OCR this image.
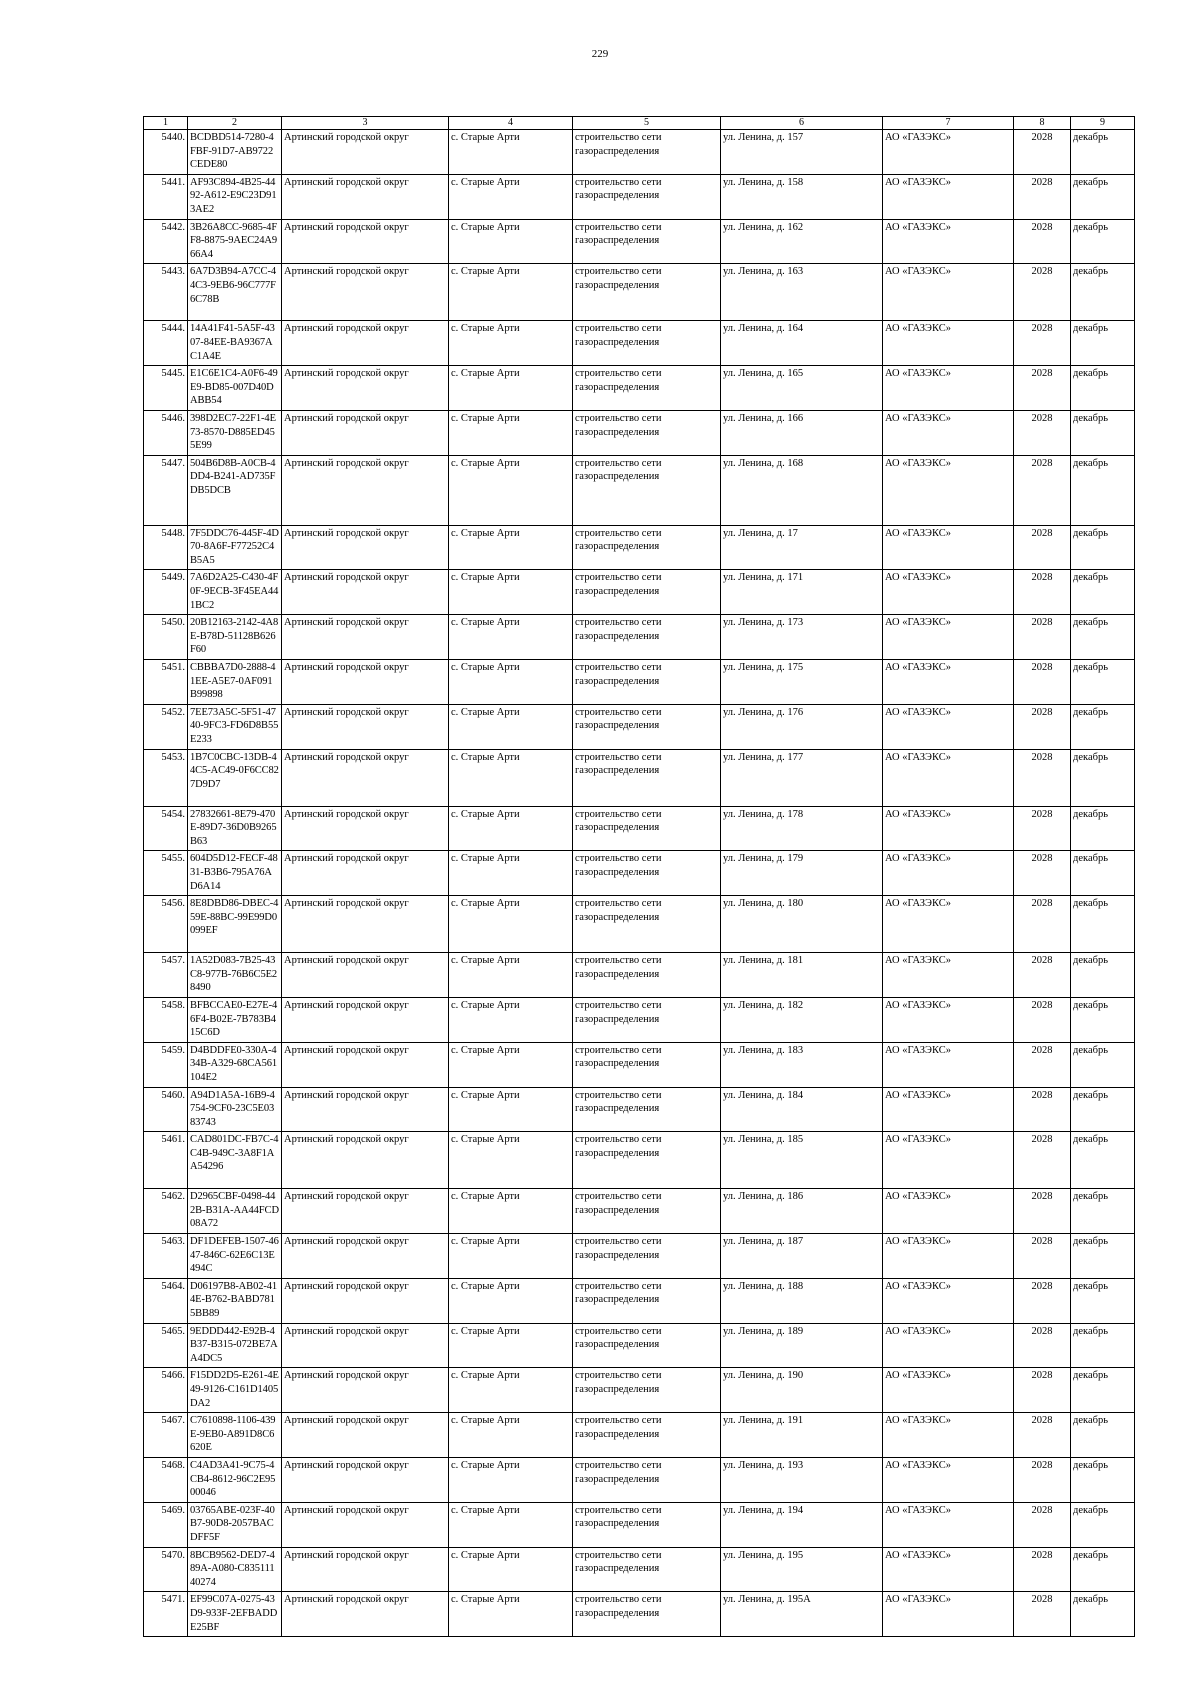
229
1	2	3	4	5	6	7	8	9
5440.	BCDBD514-7280-4FBF-91D7-AB9722CEDE80	Артинский городской округ	с. Старые Арти	строительство сети газораспределения	ул. Ленина, д. 157	АО «ГАЗЭКС»	2028	декабрь
5441.	AF93C894-4B25-4492-A612-E9C23D913AE2	Артинский городской округ	с. Старые Арти	строительство сети газораспределения	ул. Ленина, д. 158	АО «ГАЗЭКС»	2028	декабрь
5442.	3B26A8CC-9685-4FF8-8875-9AEC24A966A4	Артинский городской округ	с. Старые Арти	строительство сети газораспределения	ул. Ленина, д. 162	АО «ГАЗЭКС»	2028	декабрь
5443.	6A7D3B94-A7CC-44C3-9EB6-96C777F6C78B	Артинский городской округ	с. Старые Арти	строительство сети газораспределения	ул. Ленина, д. 163	АО «ГАЗЭКС»	2028	декабрь
5444.	14A41F41-5A5F-4307-84EE-BA9367AC1A4E	Артинский городской округ	с. Старые Арти	строительство сети газораспределения	ул. Ленина, д. 164	АО «ГАЗЭКС»	2028	декабрь
5445.	E1C6E1C4-A0F6-49E9-BD85-007D40DABB54	Артинский городской округ	с. Старые Арти	строительство сети газораспределения	ул. Ленина, д. 165	АО «ГАЗЭКС»	2028	декабрь
5446.	398D2EC7-22F1-4E73-8570-D885ED455E99	Артинский городской округ	с. Старые Арти	строительство сети газораспределения	ул. Ленина, д. 166	АО «ГАЗЭКС»	2028	декабрь
5447.	504B6D8B-A0CB-4DD4-B241-AD735FDB5DCB	Артинский городской округ	с. Старые Арти	строительство сети газораспределения	ул. Ленина, д. 168	АО «ГАЗЭКС»	2028	декабрь
5448.	7F5DDC76-445F-4D70-8A6F-F77252C4B5A5	Артинский городской округ	с. Старые Арти	строительство сети газораспределения	ул. Ленина, д. 17	АО «ГАЗЭКС»	2028	декабрь
5449.	7A6D2A25-C430-4F0F-9ECB-3F45EA441BC2	Артинский городской округ	с. Старые Арти	строительство сети газораспределения	ул. Ленина, д. 171	АО «ГАЗЭКС»	2028	декабрь
5450.	20B12163-2142-4A8E-B78D-51128B626F60	Артинский городской округ	с. Старые Арти	строительство сети газораспределения	ул. Ленина, д. 173	АО «ГАЗЭКС»	2028	декабрь
5451.	CBBBA7D0-2888-41EE-A5E7-0AF091B99898	Артинский городской округ	с. Старые Арти	строительство сети газораспределения	ул. Ленина, д. 175	АО «ГАЗЭКС»	2028	декабрь
5452.	7EE73A5C-5F51-4740-9FC3-FD6D8B55E233	Артинский городской округ	с. Старые Арти	строительство сети газораспределения	ул. Ленина, д. 176	АО «ГАЗЭКС»	2028	декабрь
5453.	1B7C0CBC-13DB-44C5-AC49-0F6CC827D9D7	Артинский городской округ	с. Старые Арти	строительство сети газораспределения	ул. Ленина, д. 177	АО «ГАЗЭКС»	2028	декабрь
5454.	27832661-8E79-470E-89D7-36D0B9265B63	Артинский городской округ	с. Старые Арти	строительство сети газораспределения	ул. Ленина, д. 178	АО «ГАЗЭКС»	2028	декабрь
5455.	604D5D12-FECF-4831-B3B6-795A76AD6A14	Артинский городской округ	с. Старые Арти	строительство сети газораспределения	ул. Ленина, д. 179	АО «ГАЗЭКС»	2028	декабрь
5456.	8E8DBD86-DBEC-459E-88BC-99E99D0099EF	Артинский городской округ	с. Старые Арти	строительство сети газораспределения	ул. Ленина, д. 180	АО «ГАЗЭКС»	2028	декабрь
5457.	1A52D083-7B25-43C8-977B-76B6C5E28490	Артинский городской округ	с. Старые Арти	строительство сети газораспределения	ул. Ленина, д. 181	АО «ГАЗЭКС»	2028	декабрь
5458.	BFBCCAE0-E27E-46F4-B02E-7B783B415C6D	Артинский городской округ	с. Старые Арти	строительство сети газораспределения	ул. Ленина, д. 182	АО «ГАЗЭКС»	2028	декабрь
5459.	D4BDDFE0-330A-434B-A329-68CA561104E2	Артинский городской округ	с. Старые Арти	строительство сети газораспределения	ул. Ленина, д. 183	АО «ГАЗЭКС»	2028	декабрь
5460.	A94D1A5A-16B9-4754-9CF0-23C5E0383743	Артинский городской округ	с. Старые Арти	строительство сети газораспределения	ул. Ленина, д. 184	АО «ГАЗЭКС»	2028	декабрь
5461.	CAD801DC-FB7C-4C4B-949C-3A8F1AA54296	Артинский городской округ	с. Старые Арти	строительство сети газораспределения	ул. Ленина, д. 185	АО «ГАЗЭКС»	2028	декабрь
5462.	D2965CBF-0498-442B-B31A-AA44FCD08A72	Артинский городской округ	с. Старые Арти	строительство сети газораспределения	ул. Ленина, д. 186	АО «ГАЗЭКС»	2028	декабрь
5463.	DF1DEFEB-1507-4647-846C-62E6C13E494C	Артинский городской округ	с. Старые Арти	строительство сети газораспределения	ул. Ленина, д. 187	АО «ГАЗЭКС»	2028	декабрь
5464.	D06197B8-AB02-414E-B762-BABD7815BB89	Артинский городской округ	с. Старые Арти	строительство сети газораспределения	ул. Ленина, д. 188	АО «ГАЗЭКС»	2028	декабрь
5465.	9EDDD442-E92B-4B37-B315-072BE7AA4DC5	Артинский городской округ	с. Старые Арти	строительство сети газораспределения	ул. Ленина, д. 189	АО «ГАЗЭКС»	2028	декабрь
5466.	F15DD2D5-E261-4E49-9126-C161D1405DA2	Артинский городской округ	с. Старые Арти	строительство сети газораспределения	ул. Ленина, д. 190	АО «ГАЗЭКС»	2028	декабрь
5467.	C7610898-1106-439E-9EB0-A891D8C6620E	Артинский городской округ	с. Старые Арти	строительство сети газораспределения	ул. Ленина, д. 191	АО «ГАЗЭКС»	2028	декабрь
5468.	C4AD3A41-9C75-4CB4-8612-96C2E9500046	Артинский городской округ	с. Старые Арти	строительство сети газораспределения	ул. Ленина, д. 193	АО «ГАЗЭКС»	2028	декабрь
5469.	03765ABE-023F-40B7-90D8-2057BACDFF5F	Артинский городской округ	с. Старые Арти	строительство сети газораспределения	ул. Ленина, д. 194	АО «ГАЗЭКС»	2028	декабрь
5470.	8BCB9562-DED7-489A-A080-C83511140274	Артинский городской округ	с. Старые Арти	строительство сети газораспределения	ул. Ленина, д. 195	АО «ГАЗЭКС»	2028	декабрь
5471.	EF99C07A-0275-43D9-933F-2EFBADDE25BF	Артинский городской округ	с. Старые Арти	строительство сети газораспределения	ул. Ленина, д. 195А	АО «ГАЗЭКС»	2028	декабрь
